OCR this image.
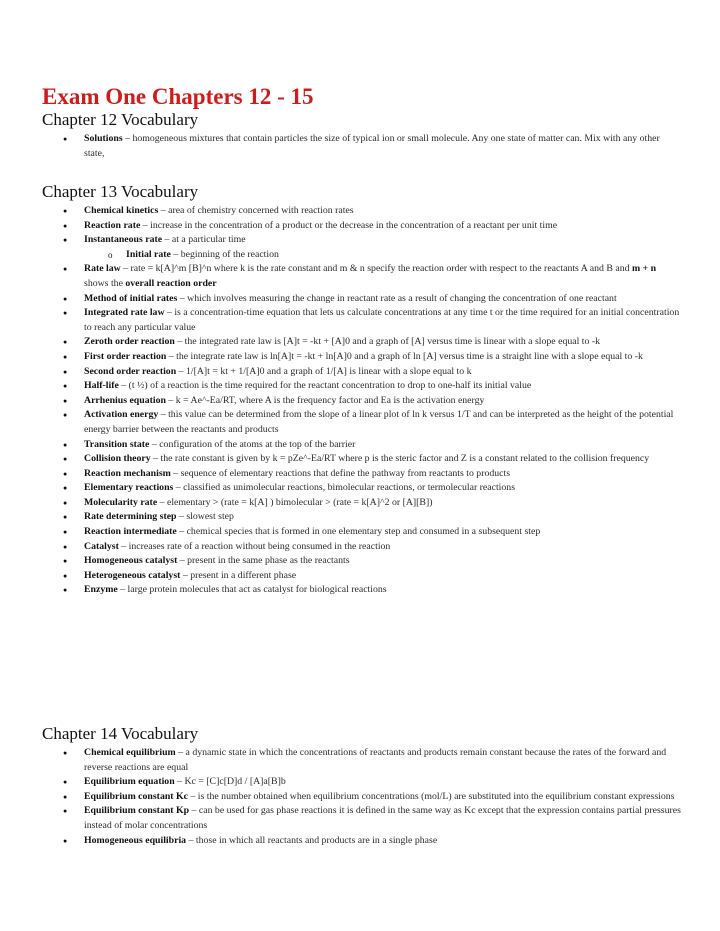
Exam One Chapters 12 - 15
Chapter 12 Vocabulary
● Solutions – homogeneous mixtures that contain particles the size of typical ion or small molecule. Any one state of matter can. Mix with any other state,
Chapter 13 Vocabulary
● Chemical kinetics – area of chemistry concerned with reaction rates
● Reaction rate – increase in the concentration of a product or the decrease in the concentration of a reactant per unit time
● Instantaneous rate – at a particular time
o Initial rate – beginning of the reaction
● Rate law – rate = k[A]^m [B]^n where k is the rate constant and m & n specify the reaction order with respect to the reactants A and B and m + n shows the overall reaction order
● Method of initial rates – which involves measuring the change in reactant rate as a result of changing the concentration of one reactant
● Integrated rate law – is a concentration-time equation that lets us calculate concentrations at any time t or the time required for an initial concentration to reach any particular value
● Zeroth order reaction – the integrated rate law is [A]t = -kt + [A]0 and a graph of [A] versus time is linear with a slope equal to -k
● First order reaction – the integrate rate law is ln[A]t = -kt + ln[A]0 and a graph of ln [A] versus time is a straight line with a slope equal to -k
● Second order reaction – 1/[A]t = kt + 1/[A]0 and a graph of 1/[A] is linear with a slope equal to k
● Half-life – (t ½) of a reaction is the time required for the reactant concentration to drop to one-half its initial value
● Arrhenius equation – k = Ae^-Ea/RT, where A is the frequency factor and Ea is the activation energy
● Activation energy – this value can be determined from the slope of a linear plot of ln k versus 1/T and can be interpreted as the height of the potential energy barrier between the reactants and products
● Transition state – configuration of the atoms at the top of the barrier
● Collision theory – the rate constant is given by k = pZe^-Ea/RT where p is the steric factor and Z is a constant related to the collision frequency
● Reaction mechanism – sequence of elementary reactions that define the pathway from reactants to products
● Elementary reactions – classified as unimolecular reactions, bimolecular reactions, or termolecular reactions
● Molecularity rate – elementary > (rate = k[A] ) bimolecular > (rate = k[A]^2 or [A][B])
● Rate determining step – slowest step
● Reaction intermediate – chemical species that is formed in one elementary step and consumed in a subsequent step
● Catalyst – increases rate of a reaction without being consumed in the reaction
● Homogeneous catalyst – present in the same phase as the reactants
● Heterogeneous catalyst – present in a different phase
● Enzyme – large protein molecules that act as catalyst for biological reactions
Chapter 14 Vocabulary
● Chemical equilibrium – a dynamic state in which the concentrations of reactants and products remain constant because the rates of the forward and reverse reactions are equal
● Equilibrium equation – Kc = [C]c[D]d / [A]a[B]b
● Equilibrium constant Kc – is the number obtained when equilibrium concentrations (mol/L) are substituted into the equilibrium constant expressions
● Equilibrium constant Kp – can be used for gas phase reactions it is defined in the same way as Kc except that the expression contains partial pressures instead of molar concentrations
● Homogeneous equilibria – those in which all reactants and products are in a single phase
